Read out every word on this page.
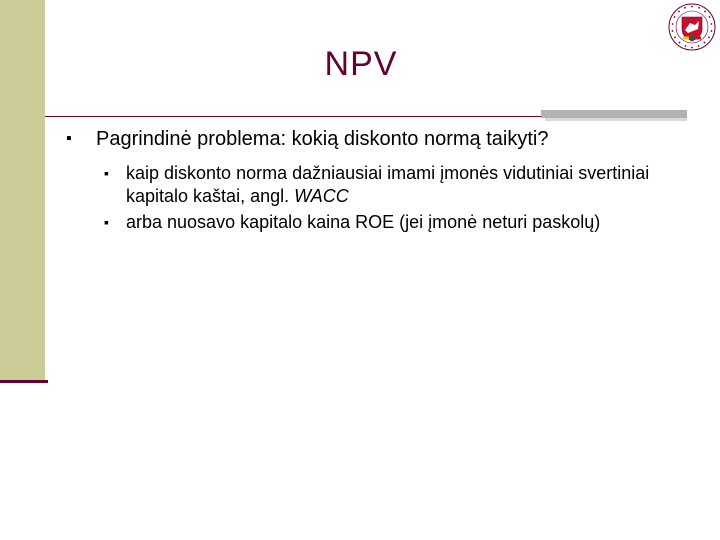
NPV
▪ Pagrindinė problema: kokią diskonto normą taikyti?
▪ kaip diskonto norma dažniausiai imami įmonės vidutiniai svertiniai kapitalo kaštai, angl. WACC
▪ arba nuosavo kapitalo kaina ROE (jei įmonė neturi paskolų)
